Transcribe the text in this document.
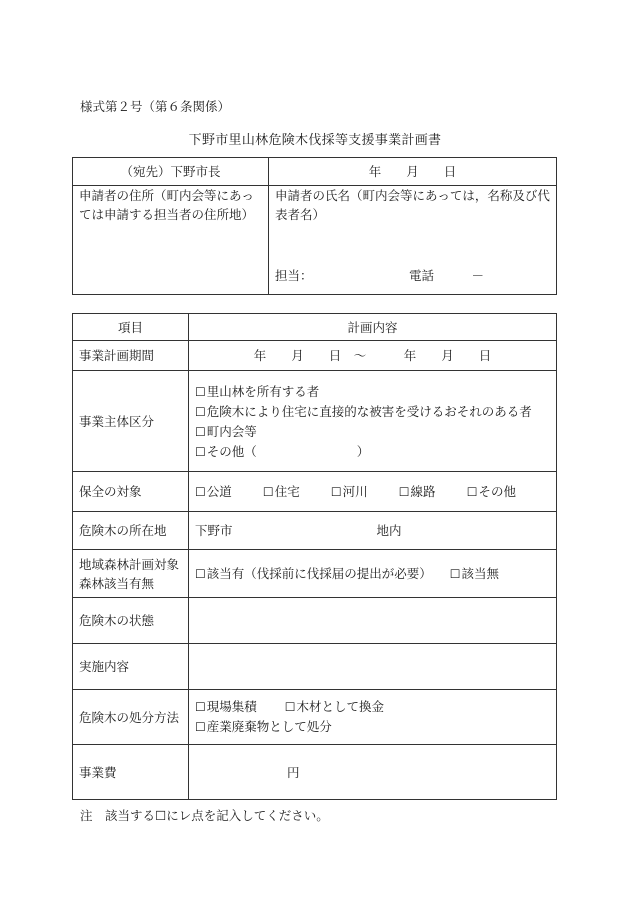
様式第２号（第６条関係）
下野市里山林危険木伐採等支援事業計画書
（宛先）下野市長	年　　月　　日
申請者の住所（町内会等にあっては申請する担当者の住所地）	申請者の氏名（町内会等にあっては，名称及び代表者名）
担当： 電話　　　－
項目	計画内容
事業計画期間	年　　月　　日　～　　　年　　月　　日
事業主体区分	☐里山林を所有する者
☐危険木により住宅に直接的な被害を受けるおそれのある者
☐町内会等
☐その他（　　　　　　　　）

保全の対象	☐公道 ☐住宅 ☐河川 ☐線路 ☐その他

危険木の所在地	下野市 地内
地域森林計画対象森林該当有無	☐該当有（伐採前に伐採届の提出が必要） ☐該当無
危険木の状態	
実施内容	
危険木の処分方法	☐現場集積 ☐木材として換金
☐産業廃棄物として処分

事業費	円
注　該当する☐にレ点を記入してください。
